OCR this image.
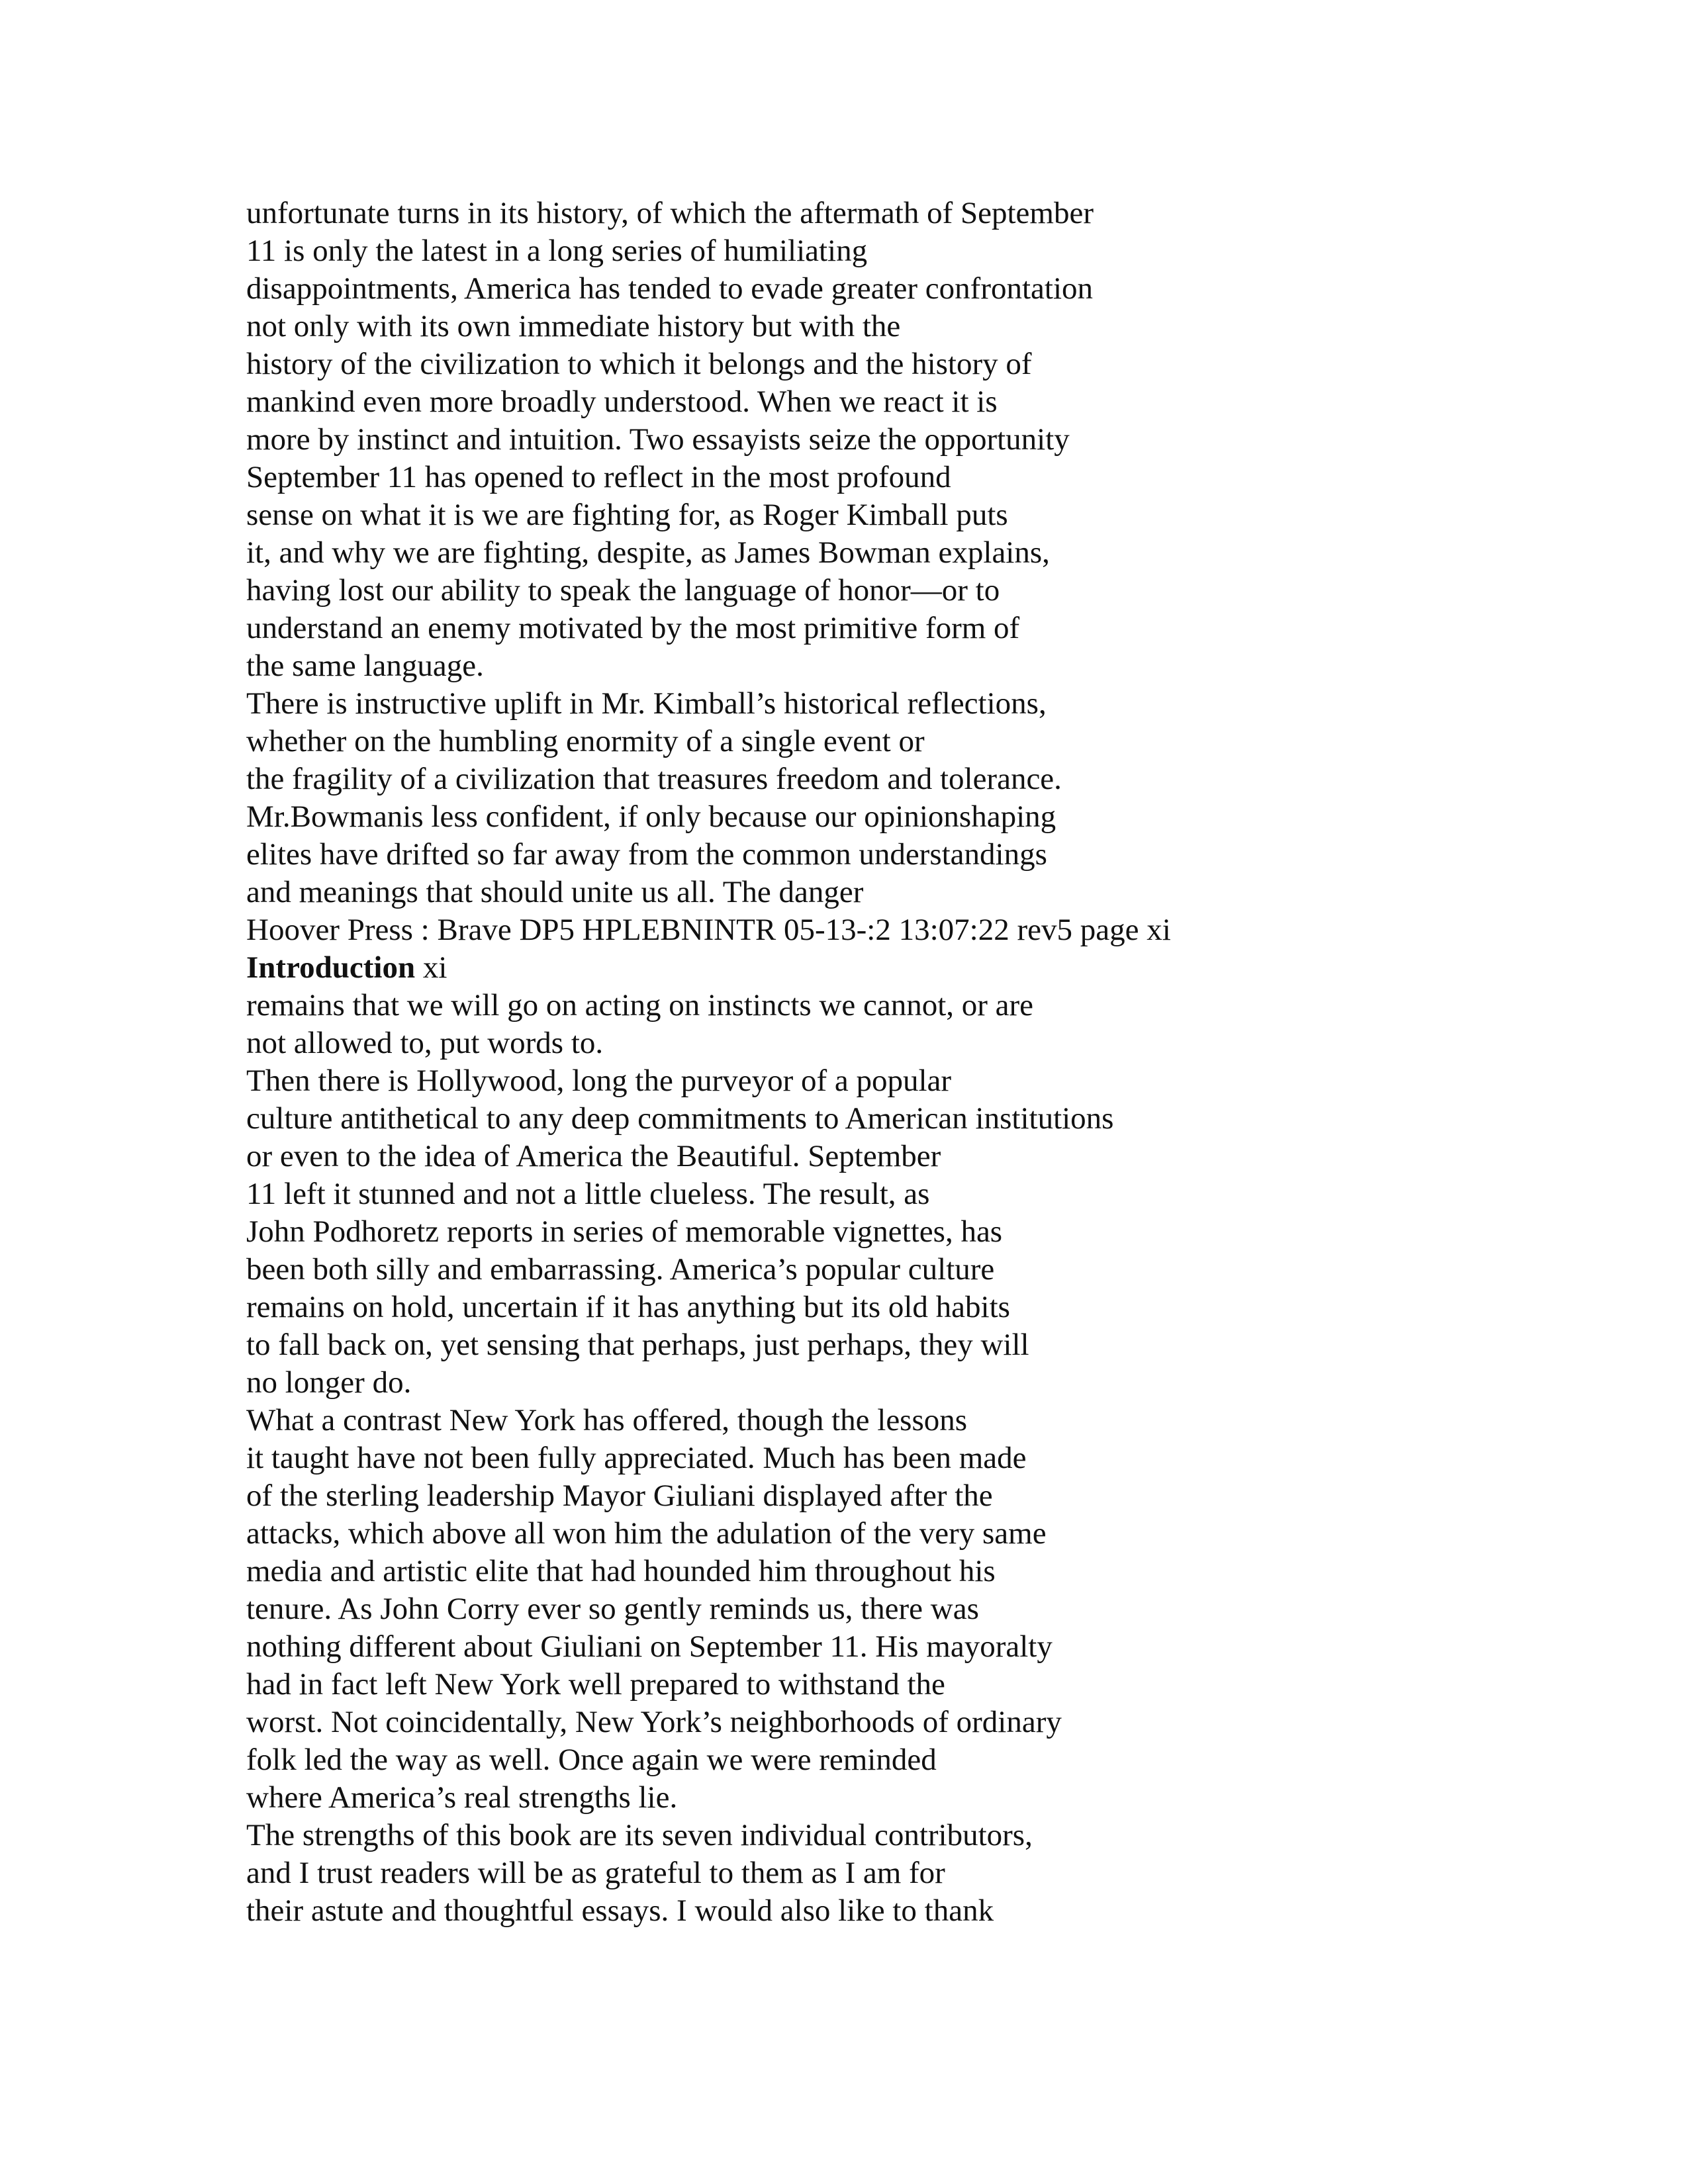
unfortunate turns in its history, of which the aftermath of September
11 is only the latest in a long series of humiliating
disappointments, America has tended to evade greater confrontation
not only with its own immediate history but with the
history of the civilization to which it belongs and the history of
mankind even more broadly understood. When we react it is
more by instinct and intuition. Two essayists seize the opportunity
September 11 has opened to reflect in the most profound
sense on what it is we are fighting for, as Roger Kimball puts
it, and why we are fighting, despite, as James Bowman explains,
having lost our ability to speak the language of honor—or to
understand an enemy motivated by the most primitive form of
the same language.
There is instructive uplift in Mr. Kimball’s historical reflections,
whether on the humbling enormity of a single event or
the fragility of a civilization that treasures freedom and tolerance.
Mr.Bowmanis less confident, if only because our opinionshaping
elites have drifted so far away from the common understandings
and meanings that should unite us all. The danger
Hoover Press : Brave DP5 HPLEBNINTR 05-13-:2 13:07:22 rev5 page xi
Introduction xi
remains that we will go on acting on instincts we cannot, or are
not allowed to, put words to.
Then there is Hollywood, long the purveyor of a popular
culture antithetical to any deep commitments to American institutions
or even to the idea of America the Beautiful. September
11 left it stunned and not a little clueless. The result, as
John Podhoretz reports in series of memorable vignettes, has
been both silly and embarrassing. America’s popular culture
remains on hold, uncertain if it has anything but its old habits
to fall back on, yet sensing that perhaps, just perhaps, they will
no longer do.
What a contrast New York has offered, though the lessons
it taught have not been fully appreciated. Much has been made
of the sterling leadership Mayor Giuliani displayed after the
attacks, which above all won him the adulation of the very same
media and artistic elite that had hounded him throughout his
tenure. As John Corry ever so gently reminds us, there was
nothing different about Giuliani on September 11. His mayoralty
had in fact left New York well prepared to withstand the
worst. Not coincidentally, New York’s neighborhoods of ordinary
folk led the way as well. Once again we were reminded
where America’s real strengths lie.
The strengths of this book are its seven individual contributors,
and I trust readers will be as grateful to them as I am for
their astute and thoughtful essays. I would also like to thank
